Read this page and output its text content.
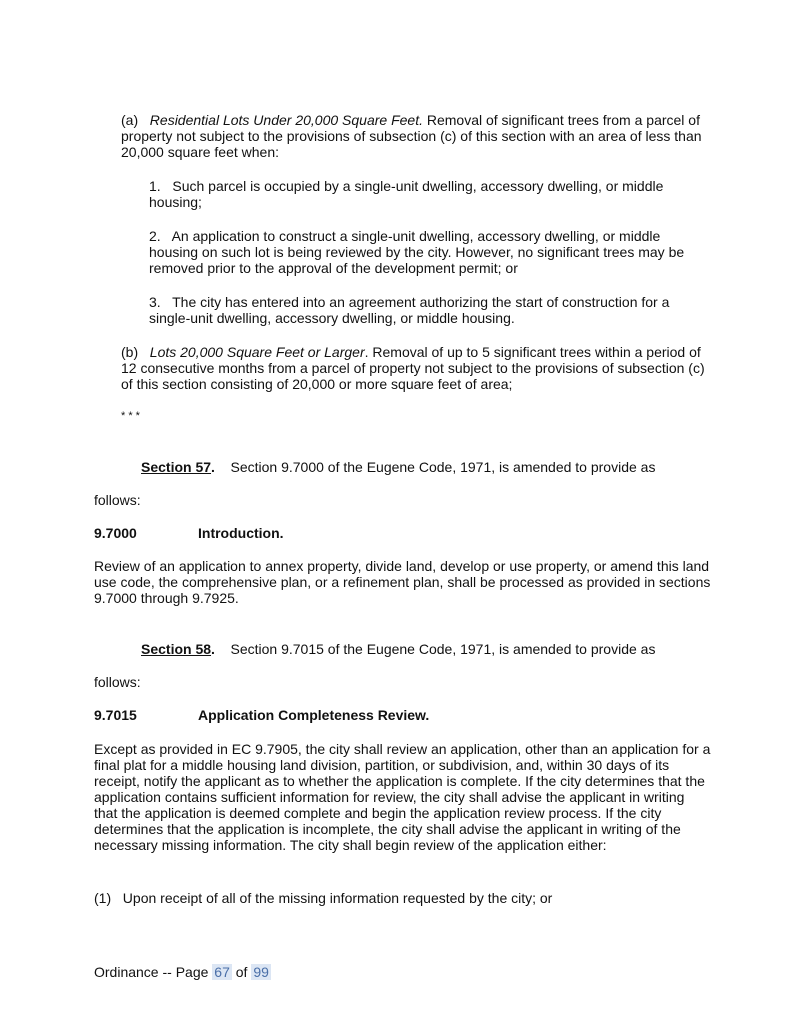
(a) Residential Lots Under 20,000 Square Feet. Removal of significant trees from a parcel of property not subject to the provisions of subsection (c) of this section with an area of less than 20,000 square feet when:

1. Such parcel is occupied by a single-unit dwelling, accessory dwelling, or middle housing;

2. An application to construct a single-unit dwelling, accessory dwelling, or middle housing on such lot is being reviewed by the city. However, no significant trees may be removed prior to the approval of the development permit; or

3. The city has entered into an agreement authorizing the start of construction for a single-unit dwelling, accessory dwelling, or middle housing.

(b) Lots 20,000 Square Feet or Larger. Removal of up to 5 significant trees within a period of 12 consecutive months from a parcel of property not subject to the provisions of subsection (c) of this section consisting of 20,000 or more square feet of area;

* * *

Section 57. Section 9.7000 of the Eugene Code, 1971, is amended to provide as

follows:

9.7000	Introduction.

Review of an application to annex property, divide land, develop or use property, or amend this land use code, the comprehensive plan, or a refinement plan, shall be processed as provided in sections 9.7000 through 9.7925.

Section 58. Section 9.7015 of the Eugene Code, 1971, is amended to provide as

follows:

9.7015	Application Completeness Review.

Except as provided in EC 9.7905, the city shall review an application, other than an application for a final plat for a middle housing land division, partition, or subdivision, and, within 30 days of its receipt, notify the applicant as to whether the application is complete. If the city determines that the application contains sufficient information for review, the city shall advise the applicant in writing that the application is deemed complete and begin the application review process. If the city determines that the application is incomplete, the city shall advise the applicant in writing of the necessary missing information. The city shall begin review of the application either:

(1) Upon receipt of all of the missing information requested by the city; or

Ordinance -- Page 67 of 99
